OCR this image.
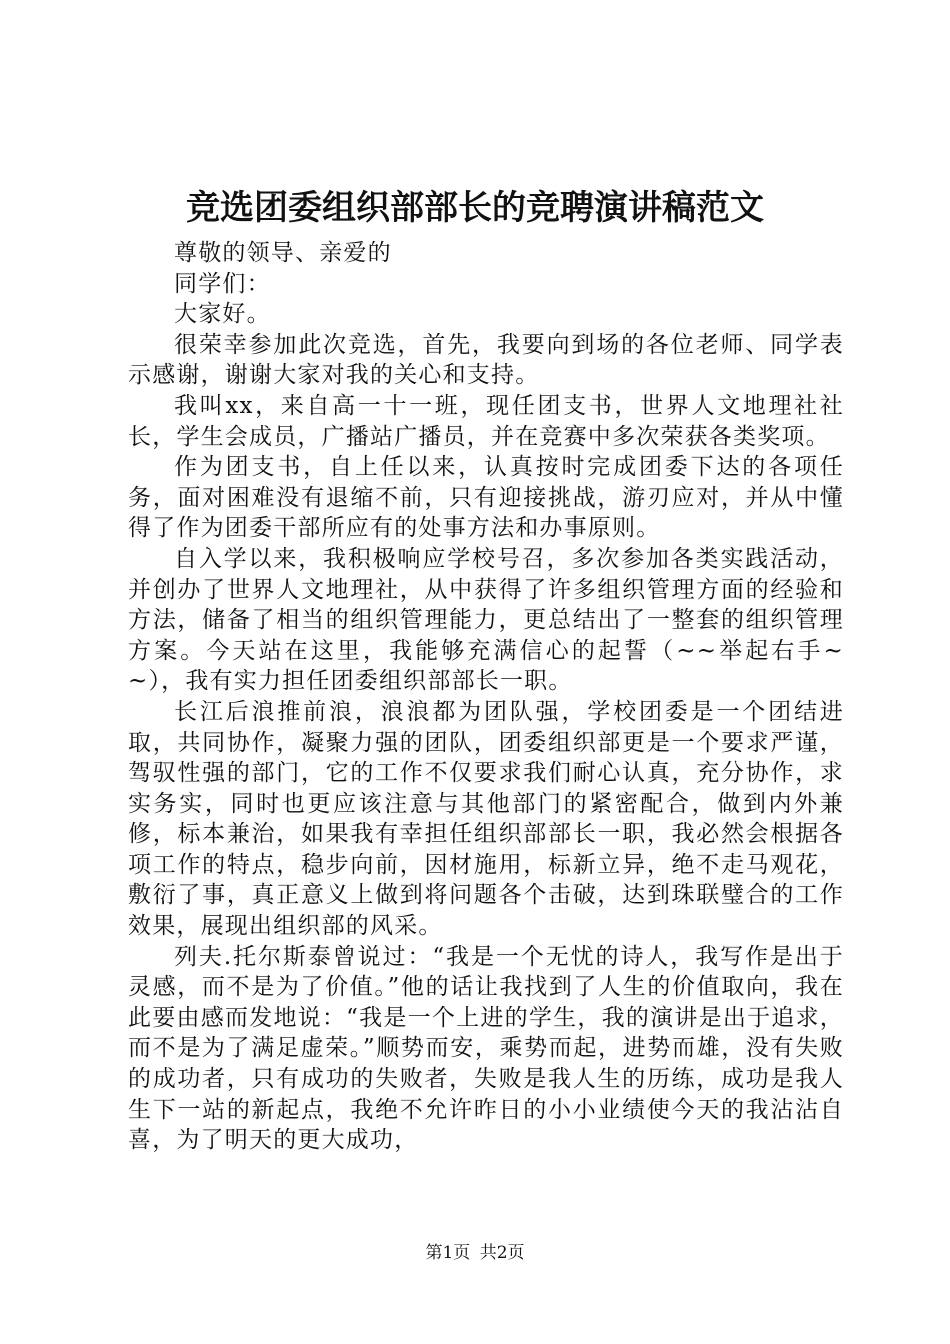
竞选团委组织部部长的竞聘演讲稿范文

尊敬的领导、亲爱的

同学们：

大家好。

很荣幸参加此次竞选，首先，我要向到场的各位老师、同学表示感谢，谢谢大家对我的关心和支持。

我叫xx，来自高一十一班，现任团支书，世界人文地理社社长，学生会成员，广播站广播员，并在竞赛中多次荣获各类奖项。

作为团支书，自上任以来，认真按时完成团委下达的各项任务，面对困难没有退缩不前，只有迎接挑战，游刃应对，并从中懂得了作为团委干部所应有的处事方法和办事原则。

自入学以来，我积极响应学校号召，多次参加各类实践活动，并创办了世界人文地理社，从中获得了许多组织管理方面的经验和方法，储备了相当的组织管理能力，更总结出了一整套的组织管理方案。今天站在这里，我能够充满信心的起誓（~~举起右手~~），我有实力担任团委组织部部长一职。

长江后浪推前浪，浪浪都为团队强，学校团委是一个团结进取，共同协作，凝聚力强的团队，团委组织部更是一个要求严谨，驾驭性强的部门，它的工作不仅要求我们耐心认真，充分协作，求实务实，同时也更应该注意与其他部门的紧密配合，做到内外兼修，标本兼治，如果我有幸担任组织部部长一职，我必然会根据各项工作的特点，稳步向前，因材施用，标新立异，绝不走马观花，敷衍了事，真正意义上做到将问题各个击破，达到珠联璧合的工作效果，展现出组织部的风采。

列夫.托尔斯泰曾说过：“我是一个无忧的诗人，我写作是出于灵感，而不是为了价值。”他的话让我找到了人生的价值取向，我在此要由感而发地说：“我是一个上进的学生，我的演讲是出于追求，而不是为了满足虚荣。”顺势而安，乘势而起，进势而雄，没有失败的成功者，只有成功的失败者，失败是我人生的历练，成功是我人生下一站的新起点，我绝不允许昨日的小小业绩使今天的我沾沾自喜，为了明天的更大成功，

第1页 共2页
